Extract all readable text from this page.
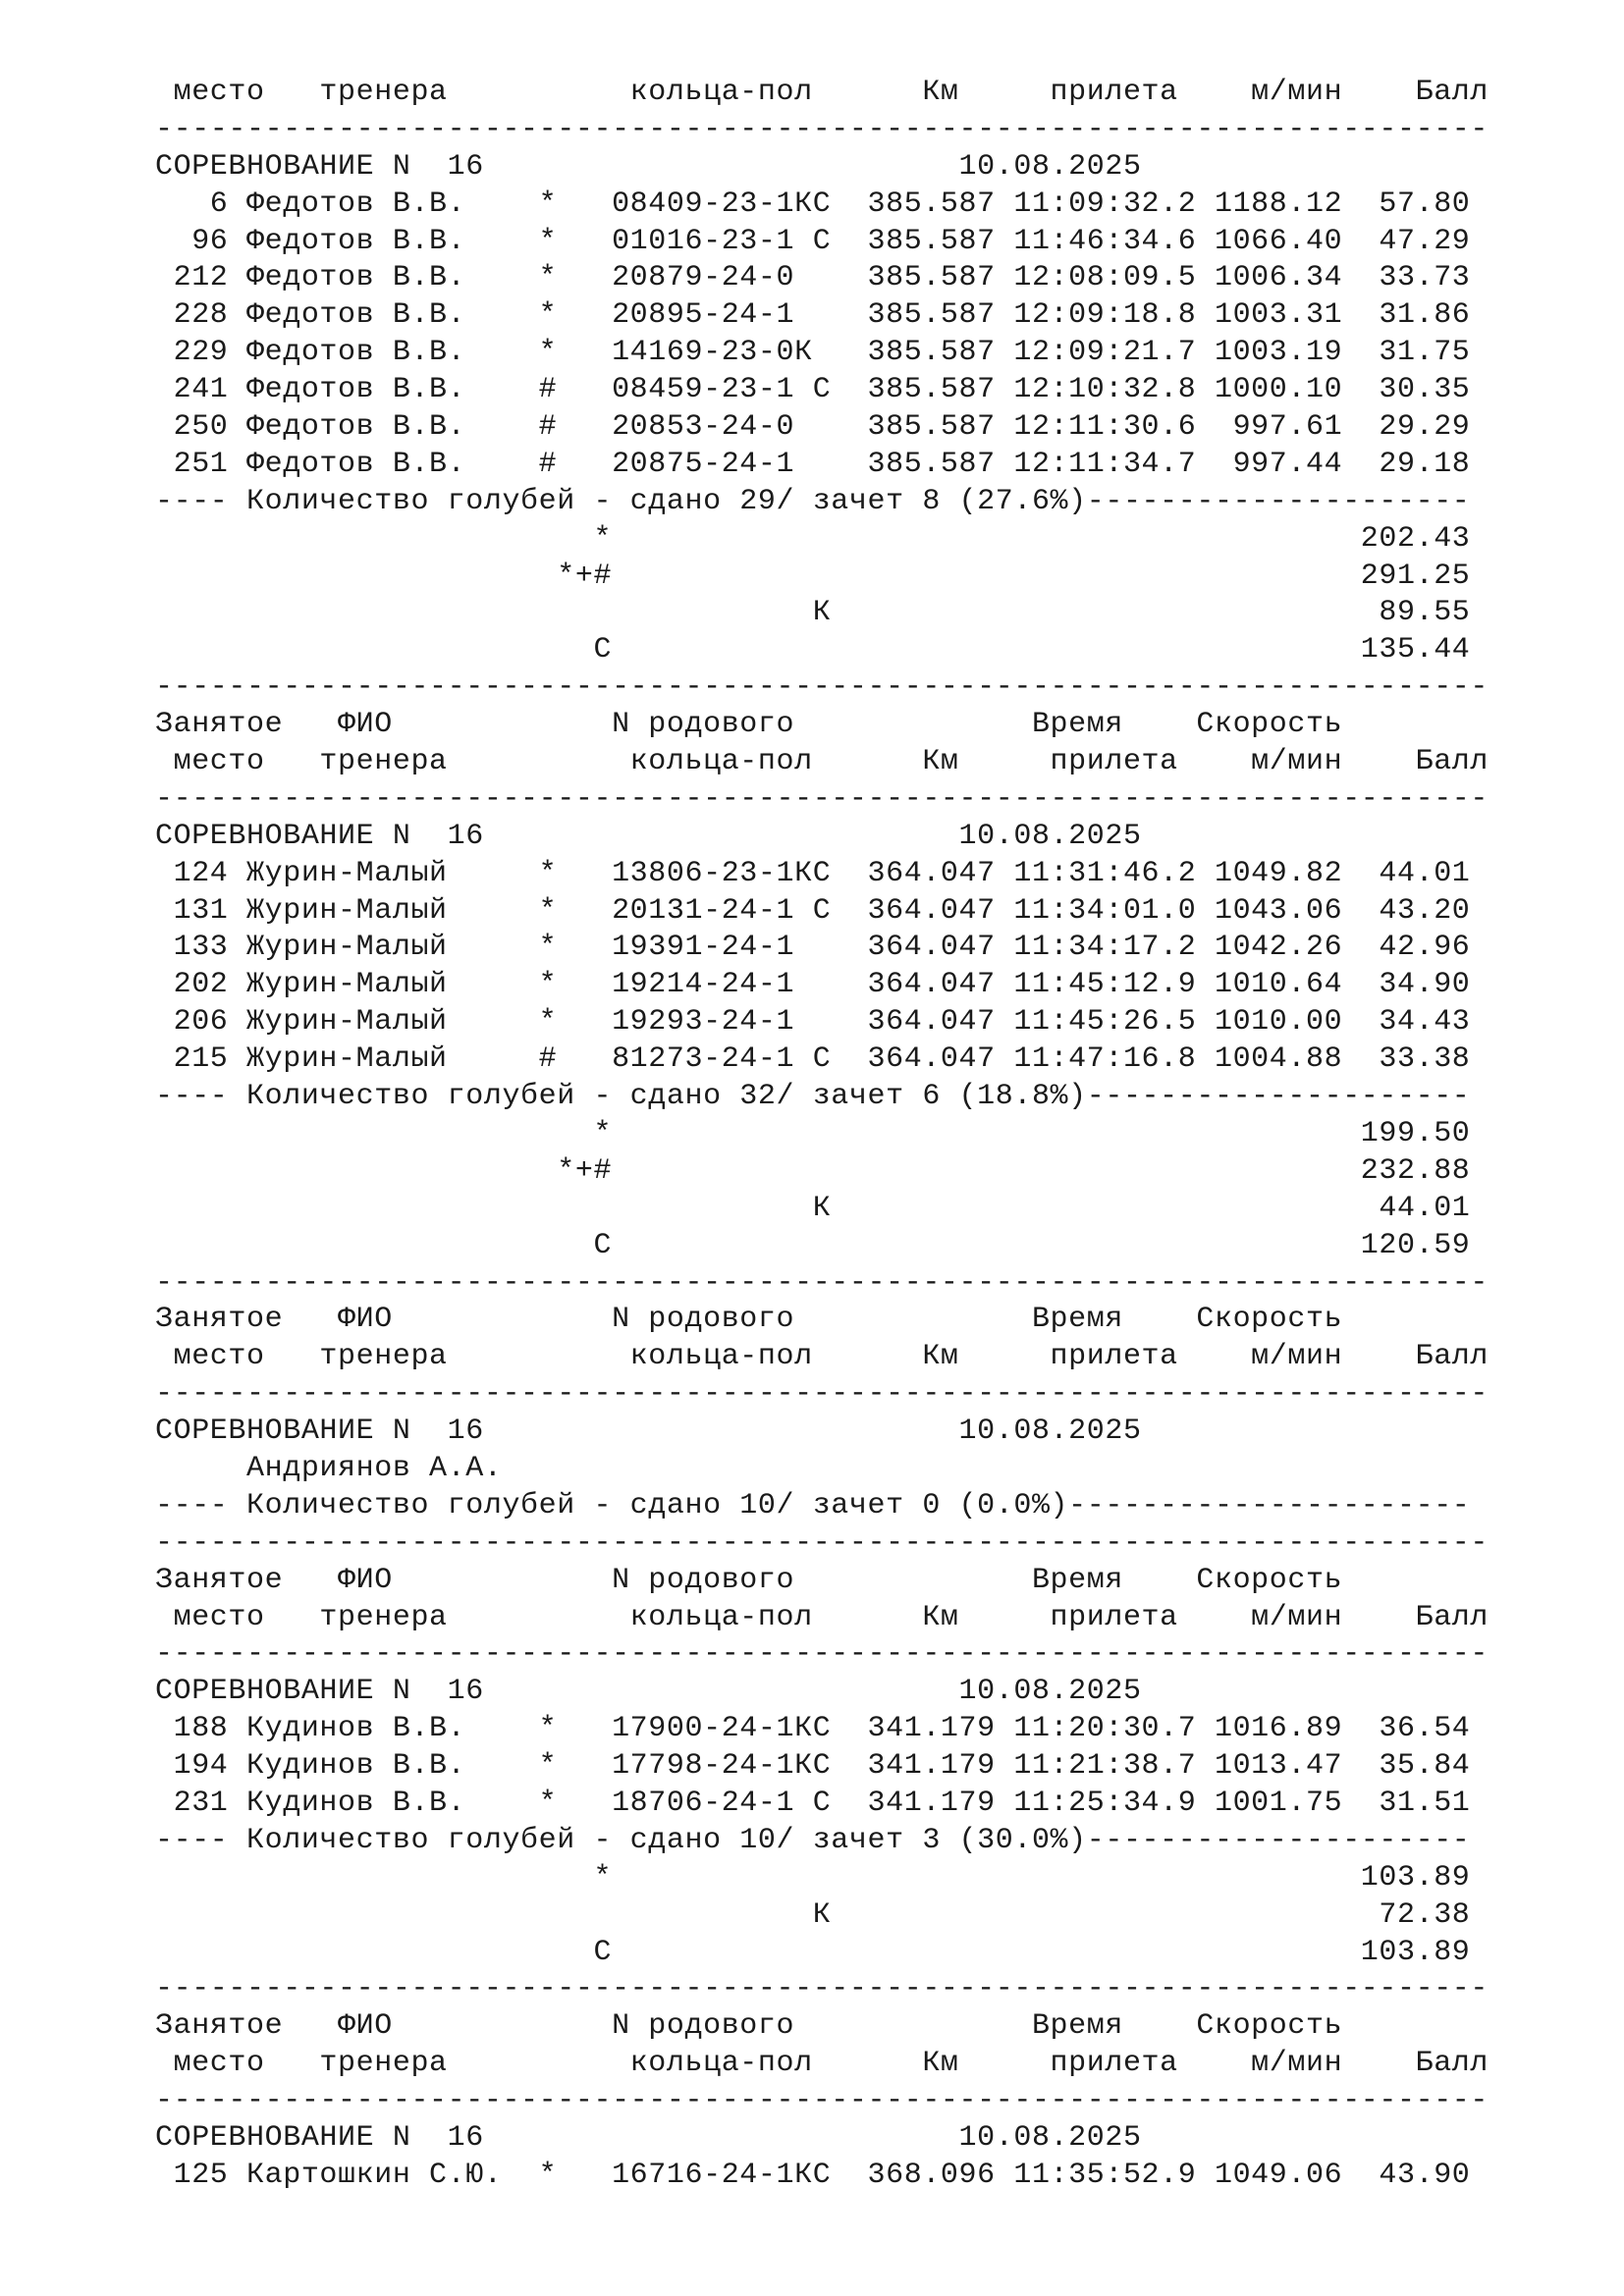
место   тренера          кольца-пол      Км     прилета    м/мин    Балл
-------------------------------------------------------------------------
СОРЕВНОВАНИЕ N  16                          10.08.2025
6 Федотов В.В.    *   08409-23-1КС  385.587 11:09:32.2 1188.12  57.80
96 Федотов В.В.    *   01016-23-1 С  385.587 11:46:34.6 1066.40  47.29
212 Федотов В.В.    *   20879-24-0    385.587 12:08:09.5 1006.34  33.73
228 Федотов В.В.    *   20895-24-1    385.587 12:09:18.8 1003.31  31.86
229 Федотов В.В.    *   14169-23-0К   385.587 12:09:21.7 1003.19  31.75
241 Федотов В.В.    #   08459-23-1 С  385.587 12:10:32.8 1000.10  30.35
250 Федотов В.В.    #   20853-24-0    385.587 12:11:30.6  997.61  29.29
251 Федотов В.В.    #   20875-24-1    385.587 12:11:34.7  997.44  29.18
---- Количество голубей - сдано 29/ зачет 8 (27.6%)---------------------
*                                         202.43
*+#                                         291.25
К                              89.55
С                                         135.44
-------------------------------------------------------------------------
Занятое   ФИО            N родового             Время    Скорость
место   тренера          кольца-пол      Км     прилета    м/мин    Балл
-------------------------------------------------------------------------
СОРЕВНОВАНИЕ N  16                          10.08.2025
124 Журин-Малый     *   13806-23-1КС  364.047 11:31:46.2 1049.82  44.01
131 Журин-Малый     *   20131-24-1 С  364.047 11:34:01.0 1043.06  43.20
133 Журин-Малый     *   19391-24-1    364.047 11:34:17.2 1042.26  42.96
202 Журин-Малый     *   19214-24-1    364.047 11:45:12.9 1010.64  34.90
206 Журин-Малый     *   19293-24-1    364.047 11:45:26.5 1010.00  34.43
215 Журин-Малый     #   81273-24-1 С  364.047 11:47:16.8 1004.88  33.38
---- Количество голубей - сдано 32/ зачет 6 (18.8%)---------------------
*                                         199.50
*+#                                         232.88
К                              44.01
С                                         120.59
-------------------------------------------------------------------------
Занятое   ФИО            N родового             Время    Скорость
место   тренера          кольца-пол      Км     прилета    м/мин    Балл
-------------------------------------------------------------------------
СОРЕВНОВАНИЕ N  16                          10.08.2025
Андриянов А.А.
---- Количество голубей - сдано 10/ зачет 0 (0.0%)----------------------
-------------------------------------------------------------------------
Занятое   ФИО            N родового             Время    Скорость
место   тренера          кольца-пол      Км     прилета    м/мин    Балл
-------------------------------------------------------------------------
СОРЕВНОВАНИЕ N  16                          10.08.2025
188 Кудинов В.В.    *   17900-24-1КС  341.179 11:20:30.7 1016.89  36.54
194 Кудинов В.В.    *   17798-24-1КС  341.179 11:21:38.7 1013.47  35.84
231 Кудинов В.В.    *   18706-24-1 С  341.179 11:25:34.9 1001.75  31.51
---- Количество голубей - сдано 10/ зачет 3 (30.0%)---------------------
*                                         103.89
К                              72.38
С                                         103.89
-------------------------------------------------------------------------
Занятое   ФИО            N родового             Время    Скорость
место   тренера          кольца-пол      Км     прилета    м/мин    Балл
-------------------------------------------------------------------------
СОРЕВНОВАНИЕ N  16                          10.08.2025
125 Картошкин С.Ю.  *   16716-24-1КС  368.096 11:35:52.9 1049.06  43.90
